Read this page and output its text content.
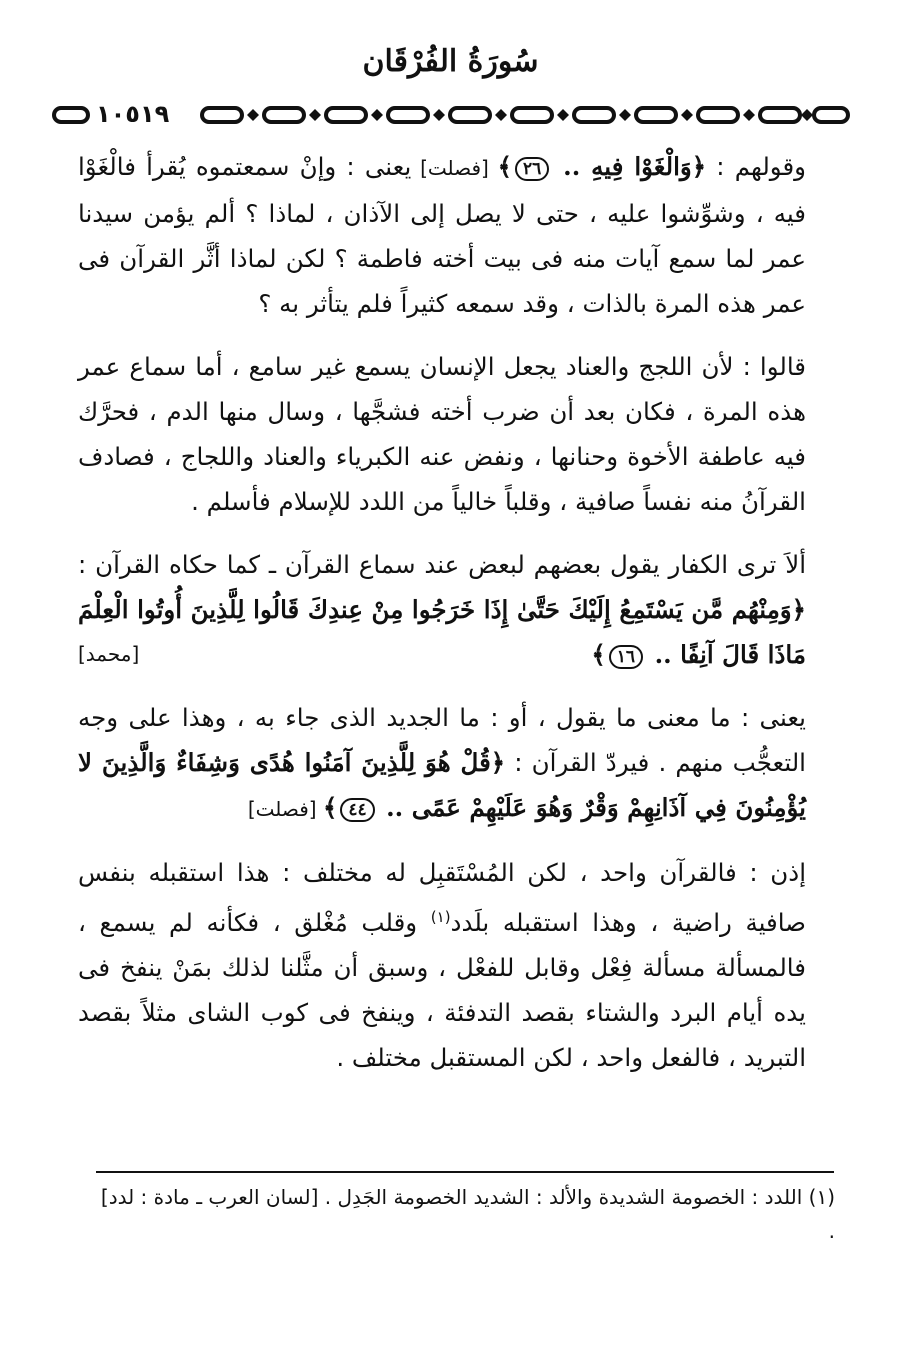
سُورَةُ الفُرْقَان
١٠٥١٩

وقولهم : ﴿وَالْغَوْا فِيهِ .. ٢٦﴾ [فصلت] يعنى : وإنْ سمعتموه يُقرأ فالْغَوْا فيه ، وشوِّشوا عليه ، حتى لا يصل إلى الآذان ، لماذا ؟ ألم يؤمن سيدنا عمر لما سمع آيات منه فى بيت أخته فاطمة ؟ لكن لماذا أثَّر القرآن فى عمر هذه المرة بالذات ، وقد سمعه كثيراً فلم يتأثر به ؟

قالوا : لأن اللجج والعناد يجعل الإنسان يسمع غير سامع ، أما سماع عمر هذه المرة ، فكان بعد أن ضرب أخته فشجَّها ، وسال منها الدم ، فحرَّك فيه عاطفة الأخوة وحنانها ، ونفض عنه الكبرياء والعناد واللجاج ، فصادف القرآنُ منه نفساً صافية ، وقلباً خالياً من اللدد للإسلام فأسلم .

ألاَ ترى الكفار يقول بعضهم لبعض عند سماع القرآن ـ كما حكاه القرآن : ﴿وَمِنْهُم مَّن يَسْتَمِعُ إِلَيْكَ حَتَّىٰ إِذَا خَرَجُوا مِنْ عِندِكَ قَالُوا لِلَّذِينَ أُوتُوا الْعِلْمَ مَاذَا قَالَ آنِفًا .. ١٦﴾
[محمد]

يعنى : ما معنى ما يقول ، أو : ما الجديد الذى جاء به ، وهذا على وجه التعجُّب منهم . فيردّ القرآن : ﴿قُلْ هُوَ لِلَّذِينَ آمَنُوا هُدًى وَشِفَاءٌ وَالَّذِينَ لا يُؤْمِنُونَ فِي آذَانِهِمْ وَقْرٌ وَهُوَ عَلَيْهِمْ عَمًى .. ٤٤﴾ [فصلت]

إذن : فالقرآن واحد ، لكن المُسْتَقبِل له مختلف : هذا استقبله بنفس صافية راضية ، وهذا استقبله بلَدد$^{(١)}$ وقلب مُغْلق ، فكأنه لم يسمع ، فالمسألة مسألة فِعْل وقابل للفعْل ، وسبق أن مثَّلنا لذلك بمَنْ ينفخ فى يده أيام البرد والشتاء بقصد التدفئة ، وينفخ فى كوب الشاى مثلاً بقصد التبريد ، فالفعل واحد ، لكن المستقبل مختلف .

(١) اللدد : الخصومة الشديدة والألد : الشديد الخصومة الجَدِل . [لسان العرب ـ مادة : لدد] .
